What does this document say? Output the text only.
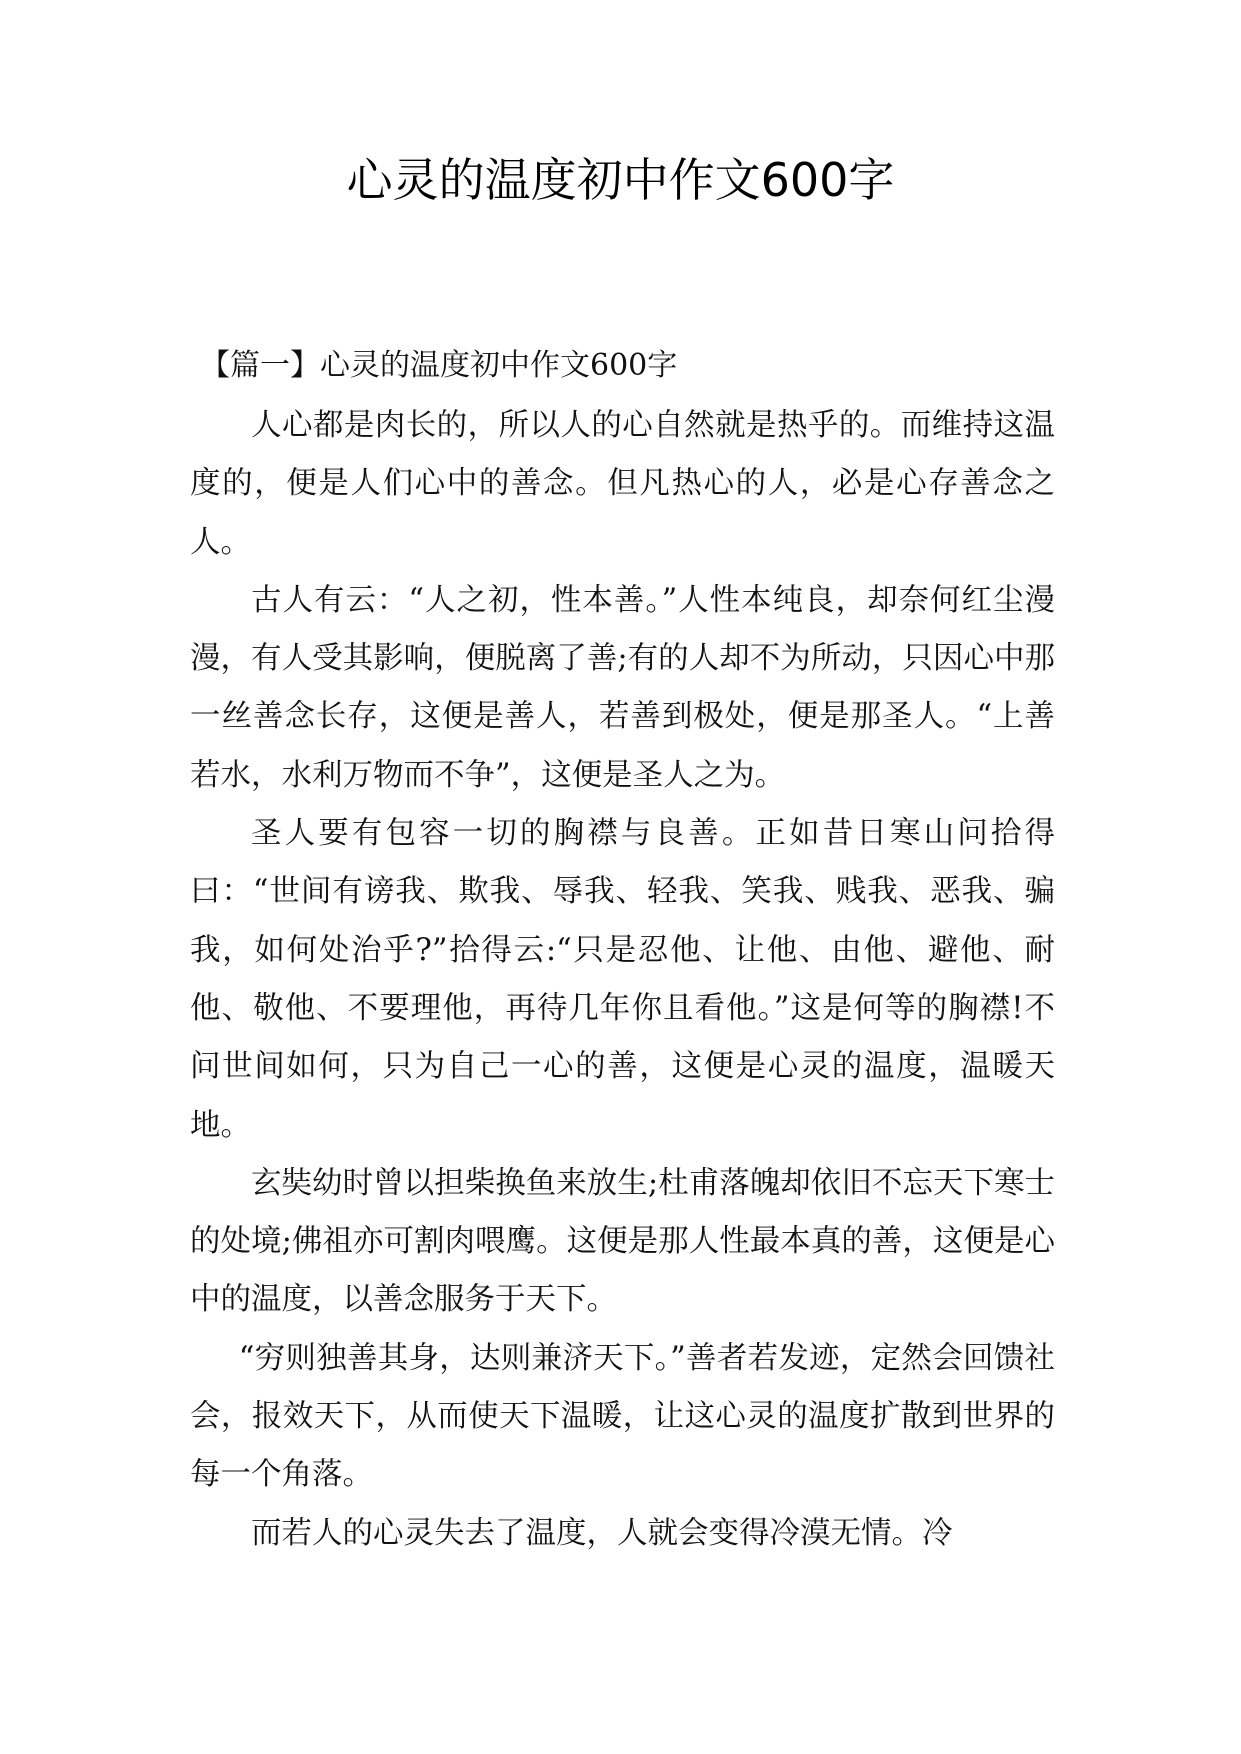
心灵的温度初中作文600字

【篇一】心灵的温度初中作文600字

人心都是肉长的，所以人的心自然就是热乎的。而维持这温度的，便是人们心中的善念。但凡热心的人，必是心存善念之人。

古人有云：“人之初，性本善。”人性本纯良，却奈何红尘漫漫，有人受其影响，便脱离了善;有的人却不为所动，只因心中那一丝善念长存，这便是善人，若善到极处，便是那圣人。“上善若水，水利万物而不争”，这便是圣人之为。

圣人要有包容一切的胸襟与良善。正如昔日寒山问拾得曰：“世间有谤我、欺我、辱我、轻我、笑我、贱我、恶我、骗我，如何处治乎?”拾得云:“只是忍他、让他、由他、避他、耐他、敬他、不要理他，再待几年你且看他。”这是何等的胸襟!不问世间如何，只为自己一心的善，这便是心灵的温度，温暖天地。

玄奘幼时曾以担柴换鱼来放生;杜甫落魄却依旧不忘天下寒士的处境;佛祖亦可割肉喂鹰。这便是那人性最本真的善，这便是心中的温度，以善念服务于天下。

“穷则独善其身，达则兼济天下。”善者若发迹，定然会回馈社会，报效天下，从而使天下温暖，让这心灵的温度扩散到世界的每一个角落。

而若人的心灵失去了温度，人就会变得冷漠无情。冷
